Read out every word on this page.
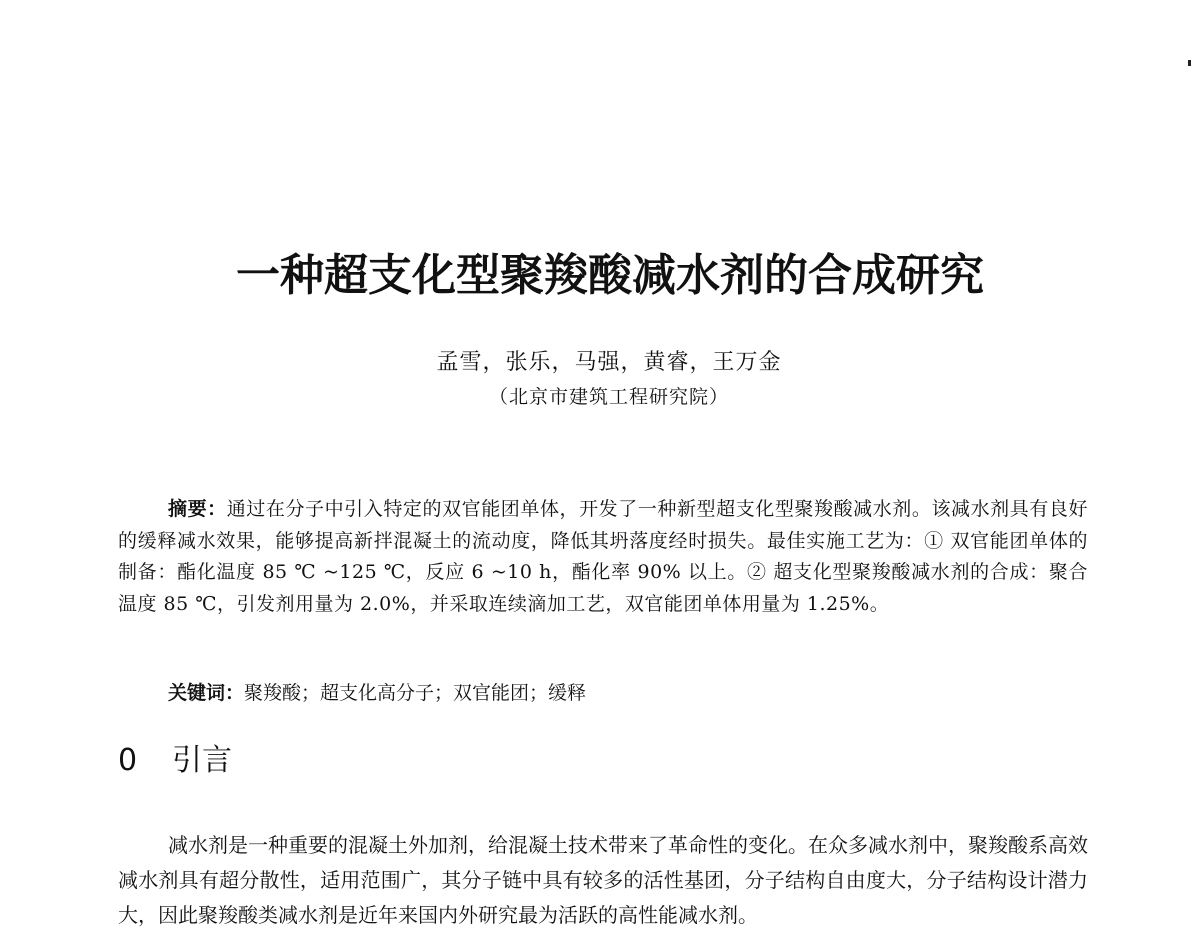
一种超支化型聚羧酸减水剂的合成研究
孟雪，张乐，马强，黄睿，王万金
（北京市建筑工程研究院）
摘要：通过在分子中引入特定的双官能团单体，开发了一种新型超支化型聚羧酸减水剂。该减水剂具有良好的缓释减水效果，能够提高新拌混凝土的流动度，降低其坍落度经时损失。最佳实施工艺为：① 双官能团单体的制备：酯化温度 85 ℃ ~125 ℃，反应 6 ~10 h，酯化率 90% 以上。② 超支化型聚羧酸减水剂的合成：聚合温度 85 ℃，引发剂用量为 2.0%，并采取连续滴加工艺，双官能团单体用量为 1.25%。
关键词：聚羧酸；超支化高分子；双官能团；缓释
0 引言
减水剂是一种重要的混凝土外加剂，给混凝土技术带来了革命性的变化。在众多减水剂中，聚羧酸系高效减水剂具有超分散性，适用范围广，其分子链中具有较多的活性基团，分子结构自由度大，分子结构设计潜力大，因此聚羧酸类减水剂是近年来国内外研究最为活跃的高性能减水剂。
